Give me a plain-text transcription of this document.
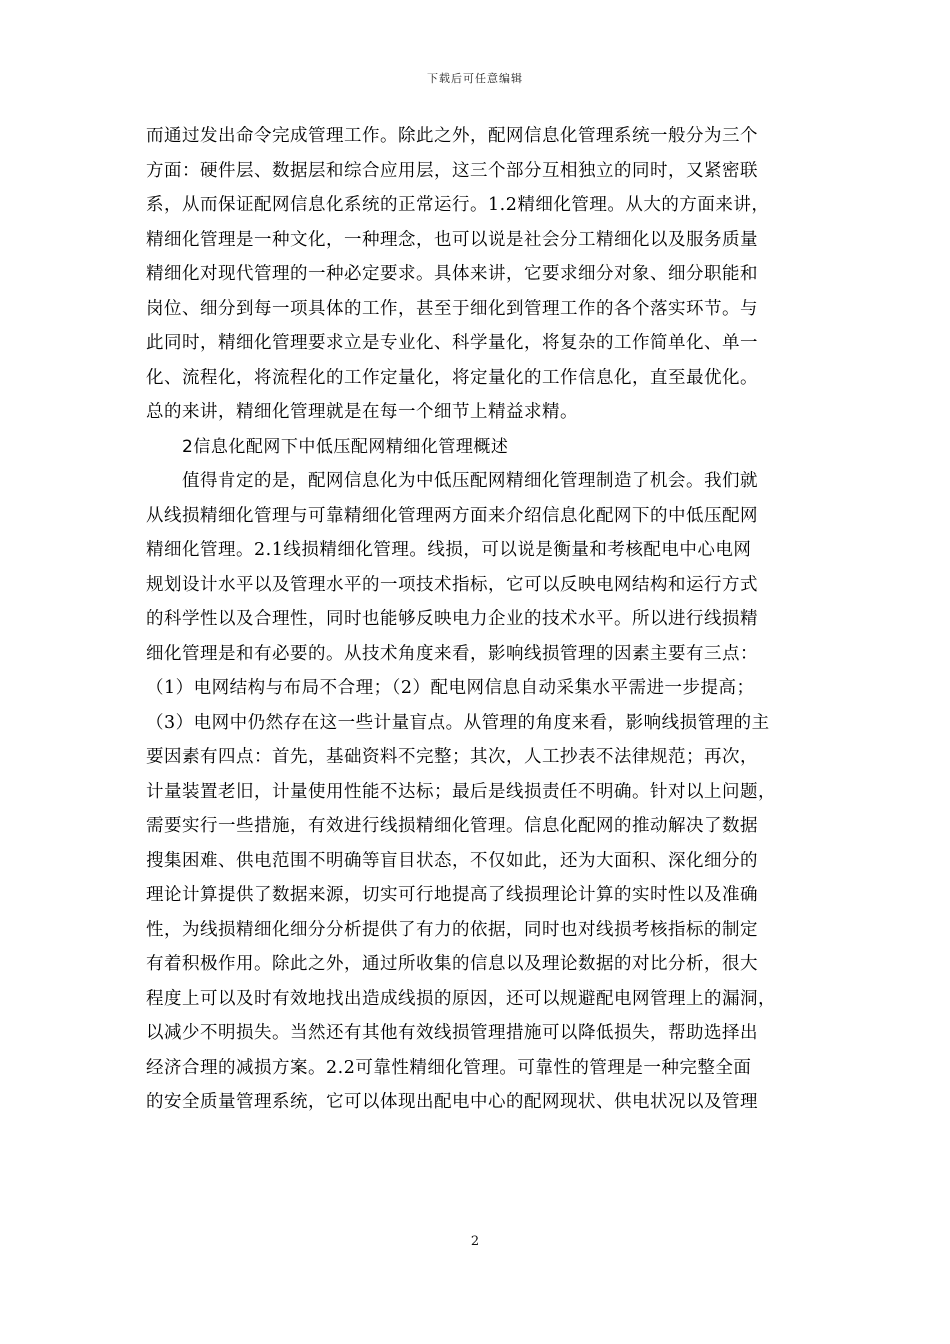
下载后可任意编辑
而通过发出命令完成管理工作。除此之外，配网信息化管理系统一般分为三个
方面：硬件层、数据层和综合应用层，这三个部分互相独立的同时，又紧密联
系，从而保证配网信息化系统的正常运行。1.2精细化管理。从大的方面来讲，
精细化管理是一种文化，一种理念，也可以说是社会分工精细化以及服务质量
精细化对现代管理的一种必定要求。具体来讲，它要求细分对象、细分职能和
岗位、细分到每一项具体的工作，甚至于细化到管理工作的各个落实环节。与
此同时，精细化管理要求立是专业化、科学量化，将复杂的工作简单化、单一
化、流程化，将流程化的工作定量化，将定量化的工作信息化，直至最优化。
总的来讲，精细化管理就是在每一个细节上精益求精。
2信息化配网下中低压配网精细化管理概述
值得肯定的是，配网信息化为中低压配网精细化管理制造了机会。我们就
从线损精细化管理与可靠精细化管理两方面来介绍信息化配网下的中低压配网
精细化管理。2.1线损精细化管理。线损，可以说是衡量和考核配电中心电网
规划设计水平以及管理水平的一项技术指标，它可以反映电网结构和运行方式
的科学性以及合理性，同时也能够反映电力企业的技术水平。所以进行线损精
细化管理是和有必要的。从技术角度来看，影响线损管理的因素主要有三点：
（1）电网结构与布局不合理；（2）配电网信息自动采集水平需进一步提高；
（3）电网中仍然存在这一些计量盲点。从管理的角度来看，影响线损管理的主
要因素有四点：首先，基础资料不完整；其次，人工抄表不法律规范；再次，
计量装置老旧，计量使用性能不达标；最后是线损责任不明确。针对以上问题，
需要实行一些措施，有效进行线损精细化管理。信息化配网的推动解决了数据
搜集困难、供电范围不明确等盲目状态，不仅如此，还为大面积、深化细分的
理论计算提供了数据来源，切实可行地提高了线损理论计算的实时性以及准确
性，为线损精细化细分分析提供了有力的依据，同时也对线损考核指标的制定
有着积极作用。除此之外，通过所收集的信息以及理论数据的对比分析，很大
程度上可以及时有效地找出造成线损的原因，还可以规避配电网管理上的漏洞，
以减少不明损失。当然还有其他有效线损管理措施可以降低损失，帮助选择出
经济合理的减损方案。2.2可靠性精细化管理。可靠性的管理是一种完整全面
的安全质量管理系统，它可以体现出配电中心的配网现状、供电状况以及管理
2
